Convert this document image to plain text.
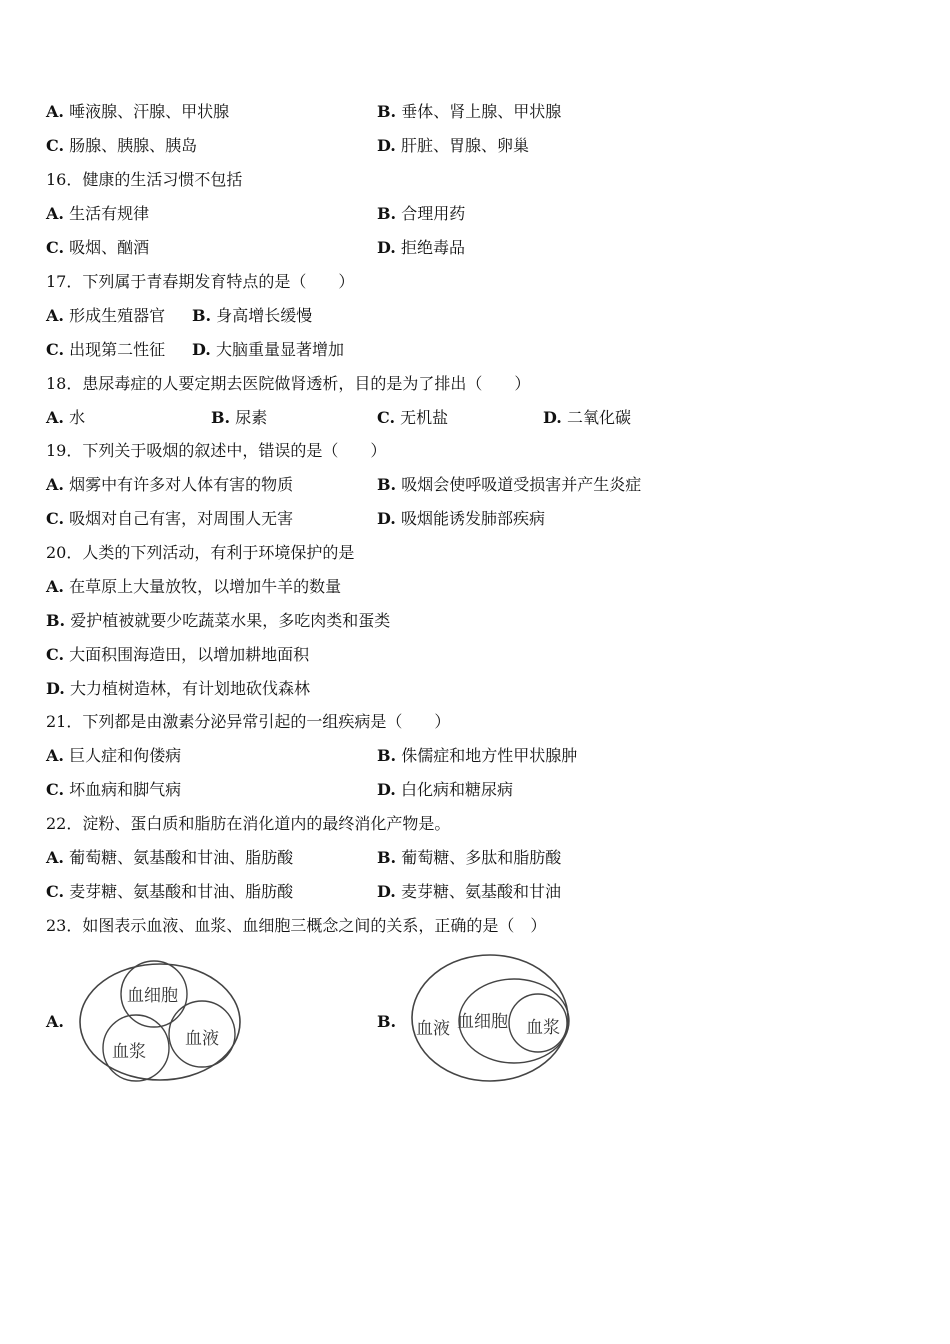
A. 唾液腺、汗腺、甲状腺	B. 垂体、肾上腺、甲状腺
C. 肠腺、胰腺、胰岛	D. 肝脏、胃腺、卵巢
16．健康的生活习惯不包括
A. 生活有规律	B. 合理用药
C. 吸烟、酗酒	D. 拒绝毒品
17．下列属于青春期发育特点的是（　　）
A. 形成生殖器官 B. 身高增长缓慢
C. 出现第二性征 D. 大脑重量显著增加
18．患尿毒症的人要定期去医院做肾透析，目的是为了排出（　　）
A. 水	B. 尿素	C. 无机盐	D. 二氧化碳
19．下列关于吸烟的叙述中，错误的是（　　）
A. 烟雾中有许多对人体有害的物质	B. 吸烟会使呼吸道受损害并产生炎症
C. 吸烟对自己有害，对周围人无害	D. 吸烟能诱发肺部疾病
20．人类的下列活动，有利于环境保护的是
A. 在草原上大量放牧，以增加牛羊的数量
B. 爱护植被就要少吃蔬菜水果，多吃肉类和蛋类
C. 大面积围海造田，以增加耕地面积
D. 大力植树造林，有计划地砍伐森林
21．下列都是由激素分泌异常引起的一组疾病是（　　）
A. 巨人症和佝偻病	B. 侏儒症和地方性甲状腺肿
C. 坏血病和脚气病	D. 白化病和糖尿病
22．淀粉、蛋白质和脂肪在消化道内的最终消化产物是。
A. 葡萄糖、氨基酸和甘油、脂肪酸	B. 葡萄糖、多肽和脂肪酸
C. 麦芽糖、氨基酸和甘油、脂肪酸	D. 麦芽糖、氨基酸和甘油
23．如图表示血液、血浆、血细胞三概念之间的关系，正确的是（　）
A.
血细胞
血液
血浆
B. 血液 血细胞 血浆
